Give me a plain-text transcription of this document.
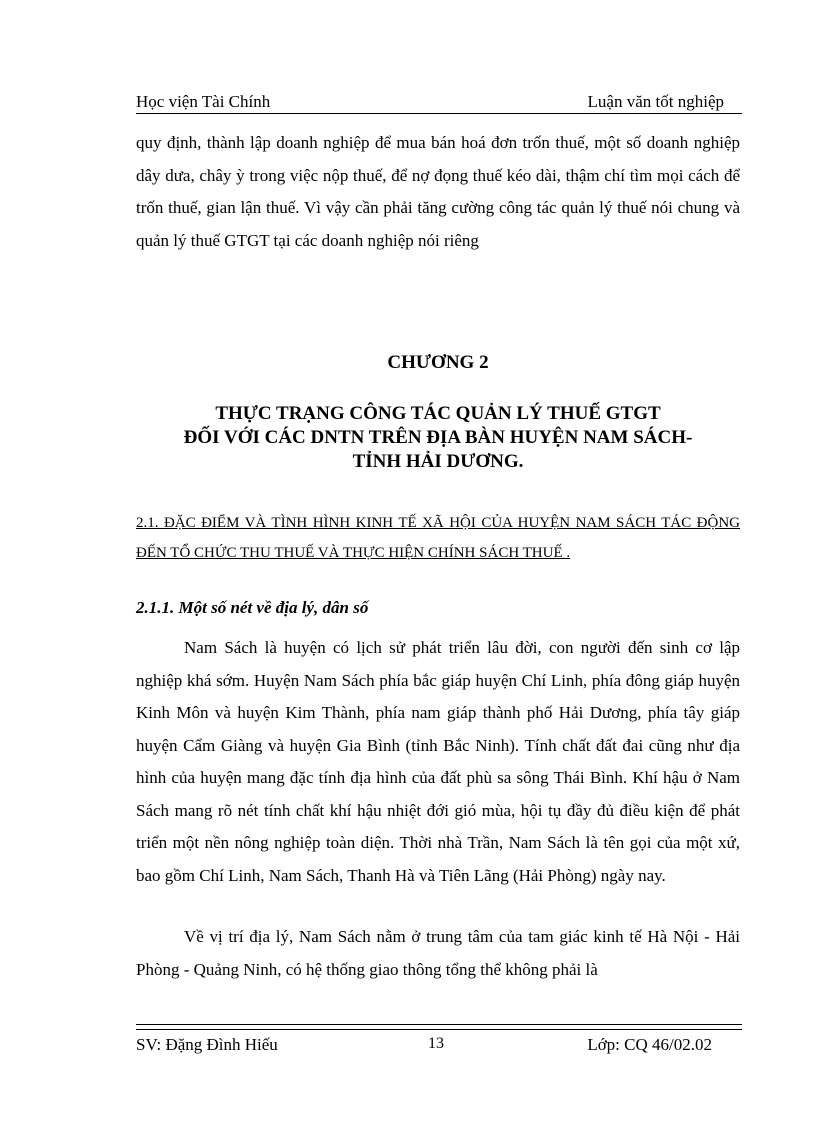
Học viện Tài Chính	Luận văn tốt nghiệp
quy định, thành lập doanh nghiệp để mua bán hoá đơn trốn thuế, một số doanh nghiệp dây dưa, chây ỳ trong việc nộp thuế, để nợ đọng thuế kéo dài, thậm chí tìm mọi cách để trốn thuế, gian lận thuế. Vì vậy cần phải tăng cường công tác quản lý thuế nói chung và quản lý thuế GTGT tại các doanh nghiệp nói riêng
CHƯƠNG 2
THỰC TRẠNG CÔNG TÁC QUẢN LÝ THUẾ GTGT
ĐỐI VỚI CÁC DNTN TRÊN ĐỊA BÀN HUYỆN NAM SÁCH-
TỈNH HẢI DƯƠNG.
2.1. ĐẶC ĐIỂM VÀ TÌNH HÌNH KINH TẾ XÃ HỘI CỦA HUYỆN NAM SÁCH TÁC ĐỘNG ĐẾN TỔ CHỨC THU THUẾ VÀ THỰC HIỆN CHÍNH SÁCH THUẾ .
2.1.1. Một số nét về địa lý, dân số
Nam Sách là huyện có lịch sử phát triển lâu đời, con người đến sinh cơ lập nghiệp khá sớm. Huyện Nam Sách phía bắc giáp huyện Chí Linh, phía đông giáp huyện Kinh Môn và huyện Kim Thành, phía nam giáp thành phố Hải Dương, phía tây giáp huyện Cẩm Giàng và huyện Gia Bình (tỉnh Bắc Ninh). Tính chất đất đai cũng như địa hình của huyện mang đặc tính địa hình của đất phù sa sông Thái Bình. Khí hậu ở Nam Sách mang rõ nét tính chất khí hậu nhiệt đới gió mùa, hội tụ đầy đủ điều kiện để phát triển một nền nông nghiệp toàn diện. Thời nhà Trần, Nam Sách là tên gọi của một xứ, bao gồm Chí Linh, Nam Sách, Thanh Hà và Tiên Lãng (Hải Phòng) ngày nay.
Về vị trí địa lý, Nam Sách nằm ở trung tâm của tam giác kinh tế Hà Nội - Hải Phòng - Quảng Ninh, có hệ thống giao thông tổng thể không phải là
SV: Đặng Đình Hiếu	13	Lớp: CQ 46/02.02
